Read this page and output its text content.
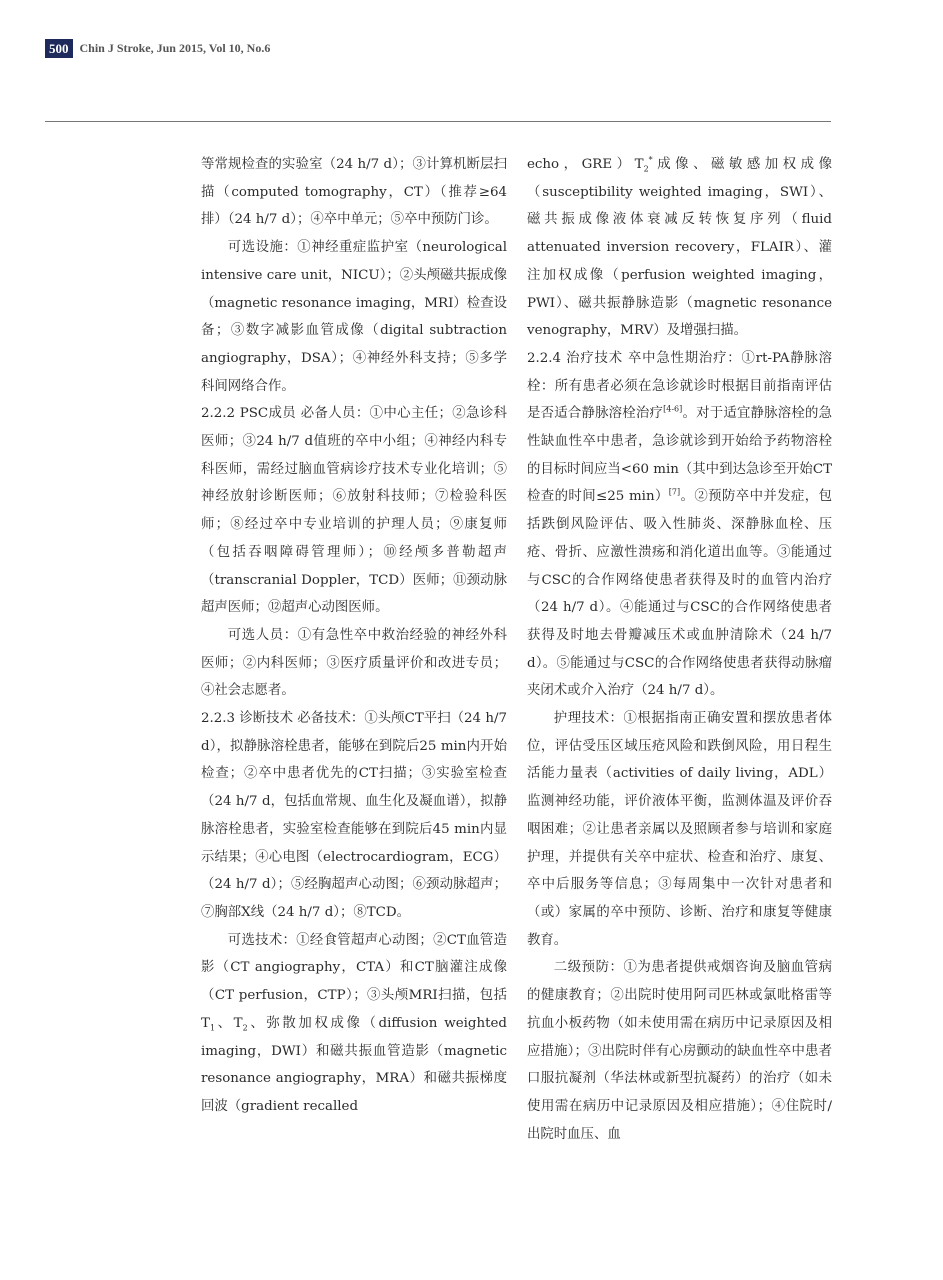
500 Chin J Stroke, Jun 2015, Vol 10, No.6

等常规检查的实验室（24 h/7 d）；③计算机断层扫描（computed tomography，CT）（推荐≥64排）（24 h/7 d）；④卒中单元；⑤卒中预防门诊。

可选设施：①神经重症监护室（neurological intensive care unit，NICU）；②头颅磁共振成像（magnetic resonance imaging，MRI）检查设备；③数字减影血管成像（digital subtraction angiography，DSA）；④神经外科支持；⑤多学科间网络合作。

2.2.2 PSC成员 必备人员：①中心主任；②急诊科医师；③24 h/7 d值班的卒中小组；④神经内科专科医师，需经过脑血管病诊疗技术专业化培训；⑤神经放射诊断医师；⑥放射科技师；⑦检验科医师；⑧经过卒中专业培训的护理人员；⑨康复师（包括吞咽障碍管理师）；⑩经颅多普勒超声（transcranial Doppler，TCD）医师；⑪颈动脉超声医师；⑫超声心动图医师。

可选人员：①有急性卒中救治经验的神经外科医师；②内科医师；③医疗质量评价和改进专员；④社会志愿者。

2.2.3 诊断技术 必备技术：①头颅CT平扫（24 h/7 d），拟静脉溶栓患者，能够在到院后25 min内开始检查；②卒中患者优先的CT扫描；③实验室检查（24 h/7 d，包括血常规、血生化及凝血谱），拟静脉溶栓患者，实验室检查能够在到院后45 min内显示结果；④心电图（electrocardiogram，ECG）（24 h/7 d）；⑤经胸超声心动图；⑥颈动脉超声；⑦胸部X线（24 h/7 d）；⑧TCD。

可选技术：①经食管超声心动图；②CT血管造影（CT angiography，CTA）和CT脑灌注成像（CT perfusion，CTP）；③头颅MRI扫描，包括$T_1$、$T_2$、弥散加权成像（diffusion weighted imaging，DWI）和磁共振血管造影（magnetic resonance angiography，MRA）和磁共振梯度回波（gradient recalled

echo，$GRE)T_2^*$成像、磁敏感加权成像（susceptibility weighted imaging，SWI）、磁共振成像液体衰减反转恢复序列（fluid attenuated inversion recovery，FLAIR）、灌注加权成像（perfusion weighted imaging，PWI）、磁共振静脉造影（magnetic resonance venography，MRV）及增强扫描。

2.2.4 治疗技术 卒中急性期治疗：①rt-PA静脉溶栓：所有患者必须在急诊就诊时根据目前指南评估是否适合静脉溶栓治疗[4-6]。对于适宜静脉溶栓的急性缺血性卒中患者，急诊就诊到开始给予药物溶栓的目标时间应当<60 min（其中到达急诊至开始CT检查的时间≤25 min）[7]。②预防卒中并发症，包括跌倒风险评估、吸入性肺炎、深静脉血栓、压疮、骨折、应激性溃疡和消化道出血等。③能通过与CSC的合作网络使患者获得及时的血管内治疗（24 h/7 d）。④能通过与CSC的合作网络使患者获得及时地去骨瓣减压术或血肿清除术（24 h/7 d）。⑤能通过与CSC的合作网络使患者获得动脉瘤夹闭术或介入治疗（24 h/7 d）。

护理技术：①根据指南正确安置和摆放患者体位，评估受压区域压疮风险和跌倒风险，用日程生活能力量表（activities of daily living，ADL）监测神经功能，评价液体平衡，监测体温及评价吞咽困难；②让患者亲属以及照顾者参与培训和家庭护理，并提供有关卒中症状、检查和治疗、康复、卒中后服务等信息；③每周集中一次针对患者和（或）家属的卒中预防、诊断、治疗和康复等健康教育。

二级预防：①为患者提供戒烟咨询及脑血管病的健康教育；②出院时使用阿司匹林或氯吡格雷等抗血小板药物（如未使用需在病历中记录原因及相应措施）；③出院时伴有心房颤动的缺血性卒中患者口服抗凝剂（华法林或新型抗凝药）的治疗（如未使用需在病历中记录原因及相应措施）；④住院时/出院时血压、血
